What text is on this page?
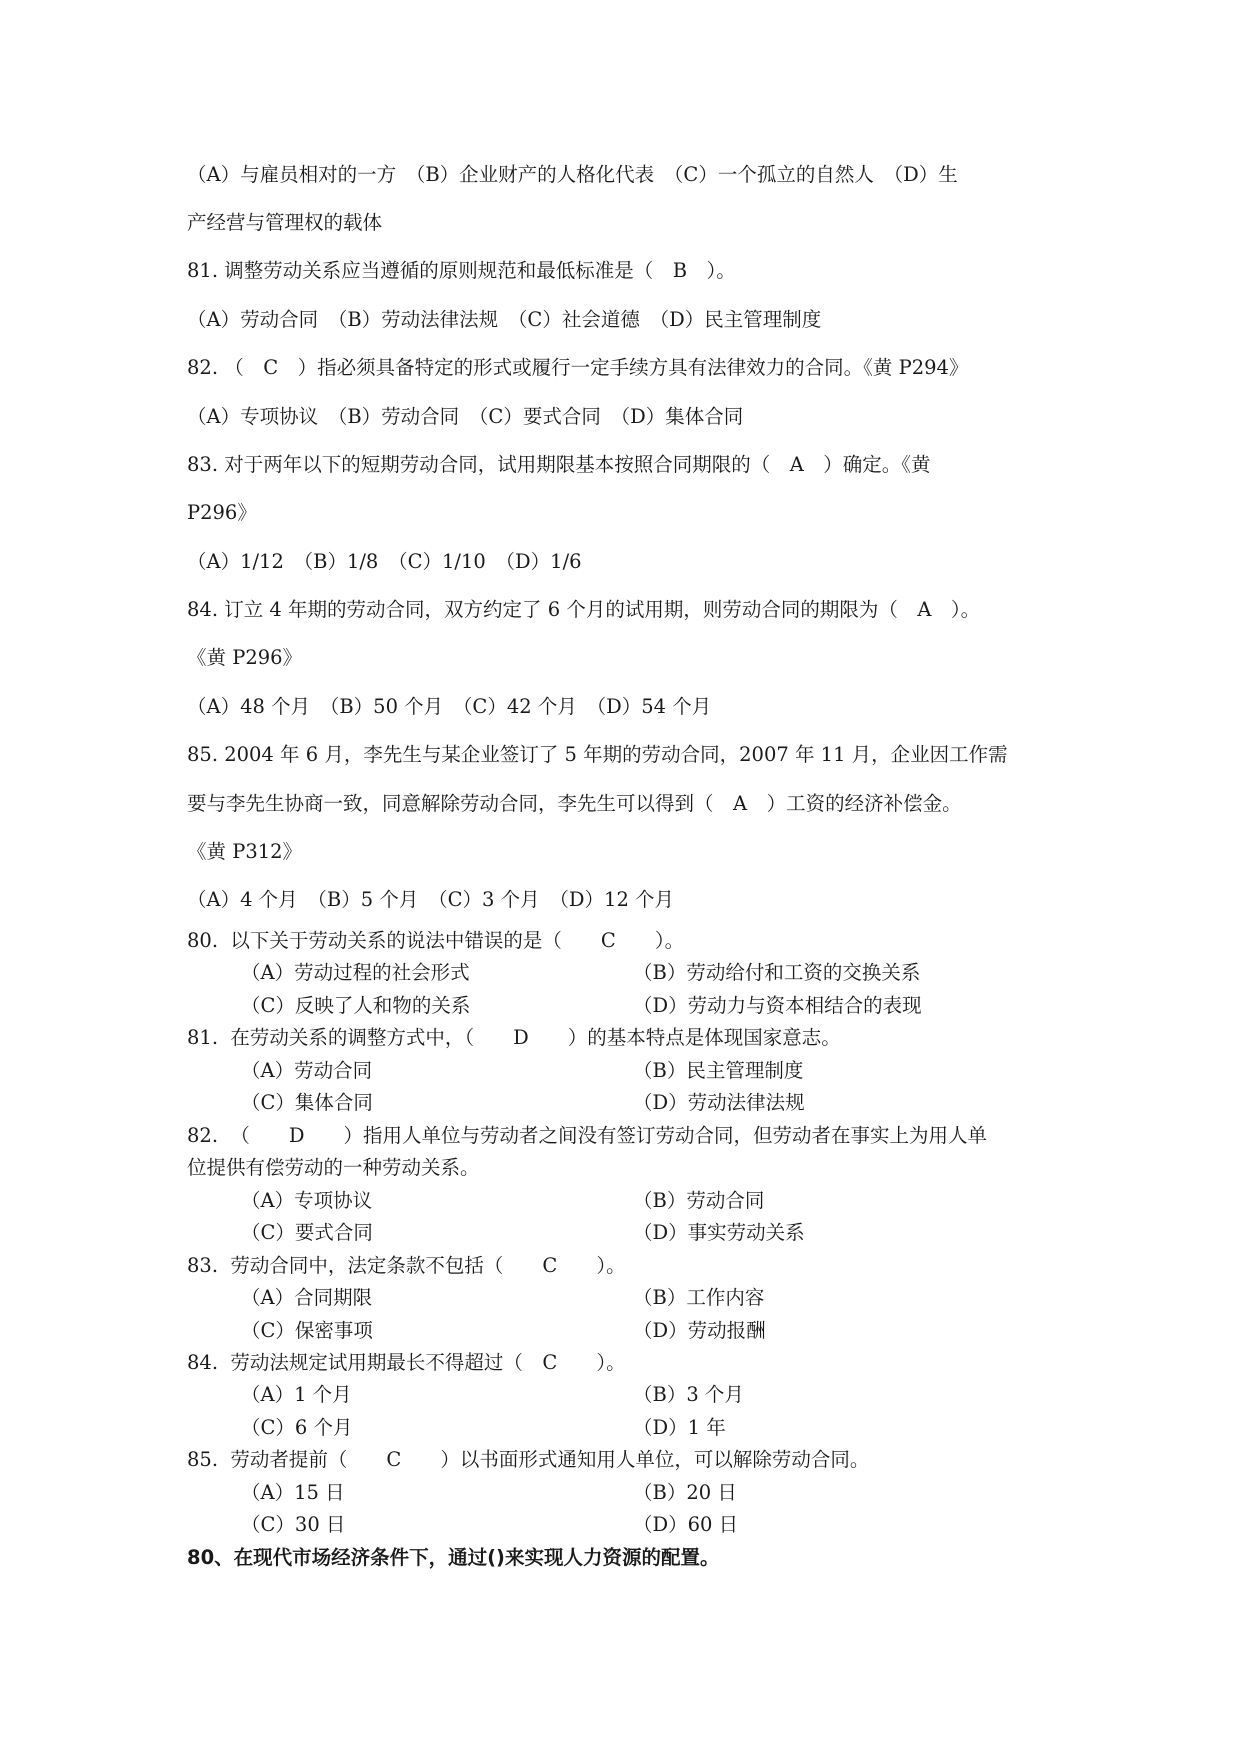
（A）与雇员相对的一方　（B）企业财产的人格化代表　（C）一个孤立的自然人　（D）生
产经营与管理权的载体
81. 调整劳动关系应当遵循的原则规范和最低标准是（　B　）。
（A）劳动合同　（B）劳动法律法规　（C）社会道德　（D）民主管理制度
82. （　C　）指必须具备特定的形式或履行一定手续方具有法律效力的合同。《黄 P294》
（A）专项协议　（B）劳动合同　（C）要式合同　（D）集体合同
83. 对于两年以下的短期劳动合同，试用期限基本按照合同期限的（　A　）确定。《黄
P296》
（A）1/12　（B）1/8　（C）1/10　（D）1/6
84. 订立 4 年期的劳动合同，双方约定了 6 个月的试用期，则劳动合同的期限为（　A　）。
《黄 P296》
（A）48 个月　（B）50 个月　（C）42 个月　（D）54 个月
85. 2004 年 6 月，李先生与某企业签订了 5 年期的劳动合同，2007 年 11 月，企业因工作需
要与李先生协商一致，同意解除劳动合同，李先生可以得到（　A　）工资的经济补偿金。
《黄 P312》
（A）4 个月　（B）5 个月　（C）3 个月　（D）12 个月
80.  以下关于劳动关系的说法中错误的是（　　C　　）。
（A）劳动过程的社会形式	（B）劳动给付和工资的交换关系
（C）反映了人和物的关系	（D）劳动力与资本相结合的表现
81.  在劳动关系的调整方式中，（　　D　　）的基本特点是体现国家意志。
（A）劳动合同	（B）民主管理制度
（C）集体合同	（D）劳动法律法规
82.  （　　D　　）指用人单位与劳动者之间没有签订劳动合同，但劳动者在事实上为用人单
位提供有偿劳动的一种劳动关系。
（A）专项协议	（B）劳动合同
（C）要式合同	（D）事实劳动关系
83.  劳动合同中，法定条款不包括（　　C　　）。
（A）合同期限	（B）工作内容
（C）保密事项	（D）劳动报酬
84.  劳动法规定试用期最长不得超过（　C　　）。
（A）1 个月	（B）3 个月
（C）6 个月	（D）1 年
85.  劳动者提前（　　C　　）以书面形式通知用人单位，可以解除劳动合同。
（A）15 日	（B）20 日
（C）30 日	（D）60 日
80、在现代市场经济条件下，通过()来实现人力资源的配置。
